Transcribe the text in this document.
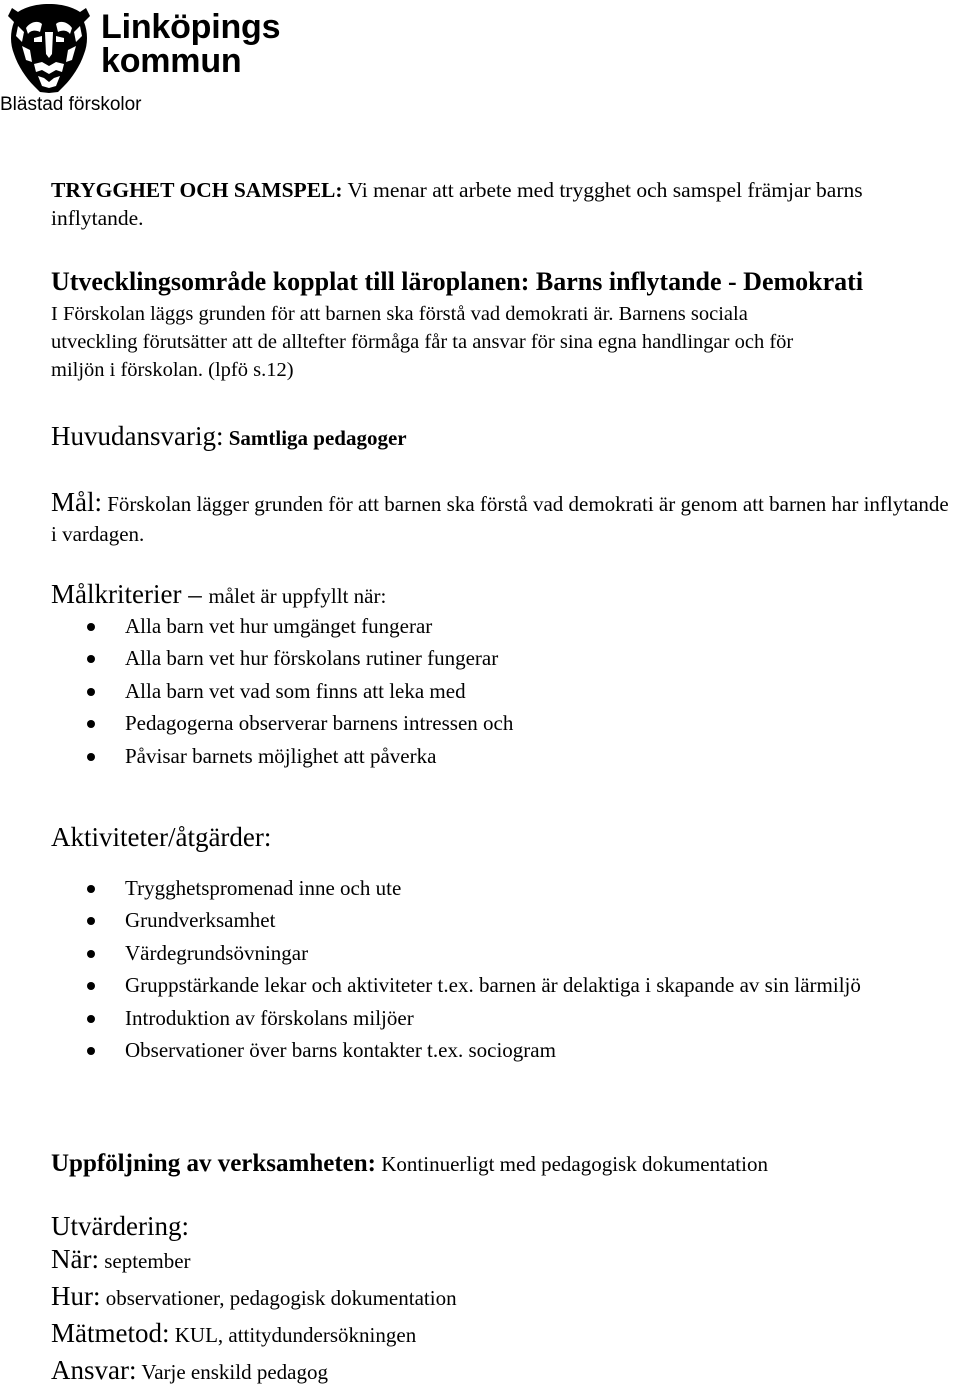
Linköpings
kommun
Blästad förskolor

TRYGGHET OCH SAMSPEL: Vi menar att arbete med trygghet och samspel främjar barns inflytande.

Utvecklingsområde kopplat till läroplanen: Barns inflytande - Demokrati
I Förskolan läggs grunden för att barnen ska förstå vad demokrati är. Barnens sociala
utveckling förutsätter att de alltefter förmåga får ta ansvar för sina egna handlingar och för
miljön i förskolan. (lpfö s.12)
Huvudansvarig: Samtliga pedagoger

Mål: Förskolan lägger grunden för att barnen ska förstå vad demokrati är genom att barnen har inflytande i vardagen.

Målkriterier – målet är uppfyllt när:
Alla barn vet hur umgänget fungerar
Alla barn vet hur förskolans rutiner fungerar
Alla barn vet vad som finns att leka med
Pedagogerna observerar barnens intressen och
Påvisar barnets möjlighet att påverka
Aktiviteter/åtgärder:
Trygghetspromenad inne och ute
Grundverksamhet
Värdegrundsövningar
Gruppstärkande lekar och aktiviteter t.ex. barnen är delaktiga i skapande av sin lärmiljö
Introduktion av förskolans miljöer
Observationer över barns kontakter t.ex. sociogram
Uppföljning av verksamheten: Kontinuerligt med pedagogisk dokumentation
Utvärdering:
När: september
Hur: observationer, pedagogisk dokumentation
Mätmetod: KUL, attitydundersökningen
Ansvar: Varje enskild pedagog
